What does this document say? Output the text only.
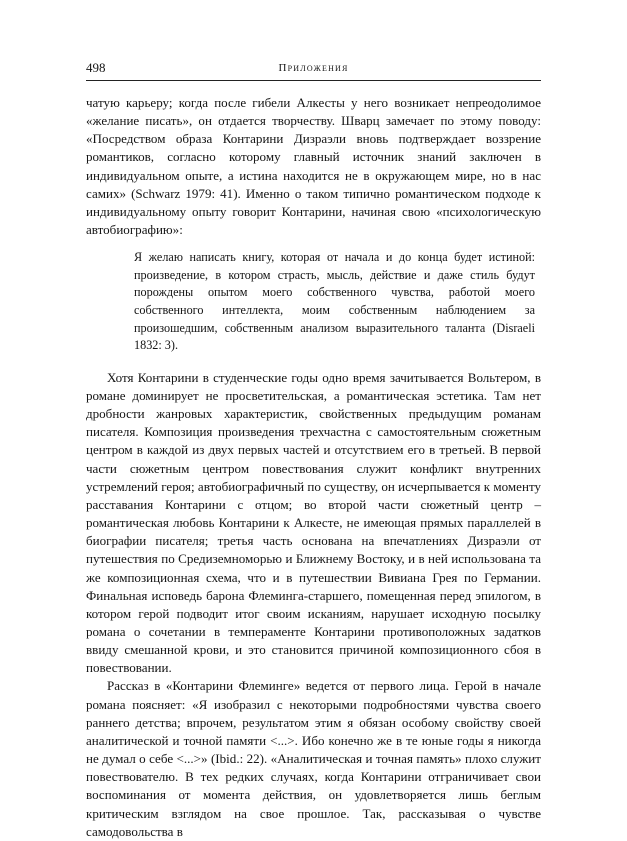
498	Приложения

чатую карьеру; когда после гибели Алкесты у него возникает непреодолимое «желание писать», он отдается творчеству. Шварц замечает по этому поводу: «Посредством образа Контарини Дизраэли вновь подтверждает воззрение романтиков, согласно которому главный источник знаний заключен в индивидуальном опыте, а истина находится не в окружающем мире, но в нас самих» (Schwarz 1979: 41). Именно о таком типично романтическом подходе к индивидуальному опыту говорит Контарини, начиная свою «психологическую автобиографию»:

Я желаю написать книгу, которая от начала и до конца будет истиной: произведение, в котором страсть, мысль, действие и даже стиль будут порождены опытом моего собственного чувства, работой моего собственного интеллекта, моим собственным наблюдением за произошедшим, собственным анализом выразительного таланта (Disraeli 1832: 3).

Хотя Контарини в студенческие годы одно время зачитывается Вольтером, в романе доминирует не просветительская, а романтическая эстетика. Там нет дробности жанровых характеристик, свойственных предыдущим романам писателя. Композиция произведения трехчастна с самостоятельным сюжетным центром в каждой из двух первых частей и отсутствием его в третьей. В первой части сюжетным центром повествования служит конфликт внутренних устремлений героя; автобиографичный по существу, он исчерпывается к моменту расставания Контарини с отцом; во второй части сюжетный центр – романтическая любовь Контарини к Алкесте, не имеющая прямых параллелей в биографии писателя; третья часть основана на впечатлениях Дизраэли от путешествия по Средиземноморью и Ближнему Востоку, и в ней использована та же композиционная схема, что и в путешествии Вивиана Грея по Германии. Финальная исповедь барона Флеминга-старшего, помещенная перед эпилогом, в котором герой подводит итог своим исканиям, нарушает исходную посылку романа о сочетании в темпераменте Контарини противоположных задатков ввиду смешанной крови, и это становится причиной композиционного сбоя в повествовании.

Рассказ в «Контарини Флеминге» ведется от первого лица. Герой в начале романа поясняет: «Я изобразил с некоторыми подробностями чувства своего раннего детства; впрочем, результатом этим я обязан особому свойству своей аналитической и точной памяти <...>. Ибо конечно же в те юные годы я никогда не думал о себе <...>» (Ibid.: 22). «Аналитическая и точная память» плохо служит повествователю. В тех редких случаях, когда Контарини отграничивает свои воспоминания от момента действия, он удовлетворяется лишь беглым критическим взглядом на свое прошлое. Так, рассказывая о чувстве самодовольства в
